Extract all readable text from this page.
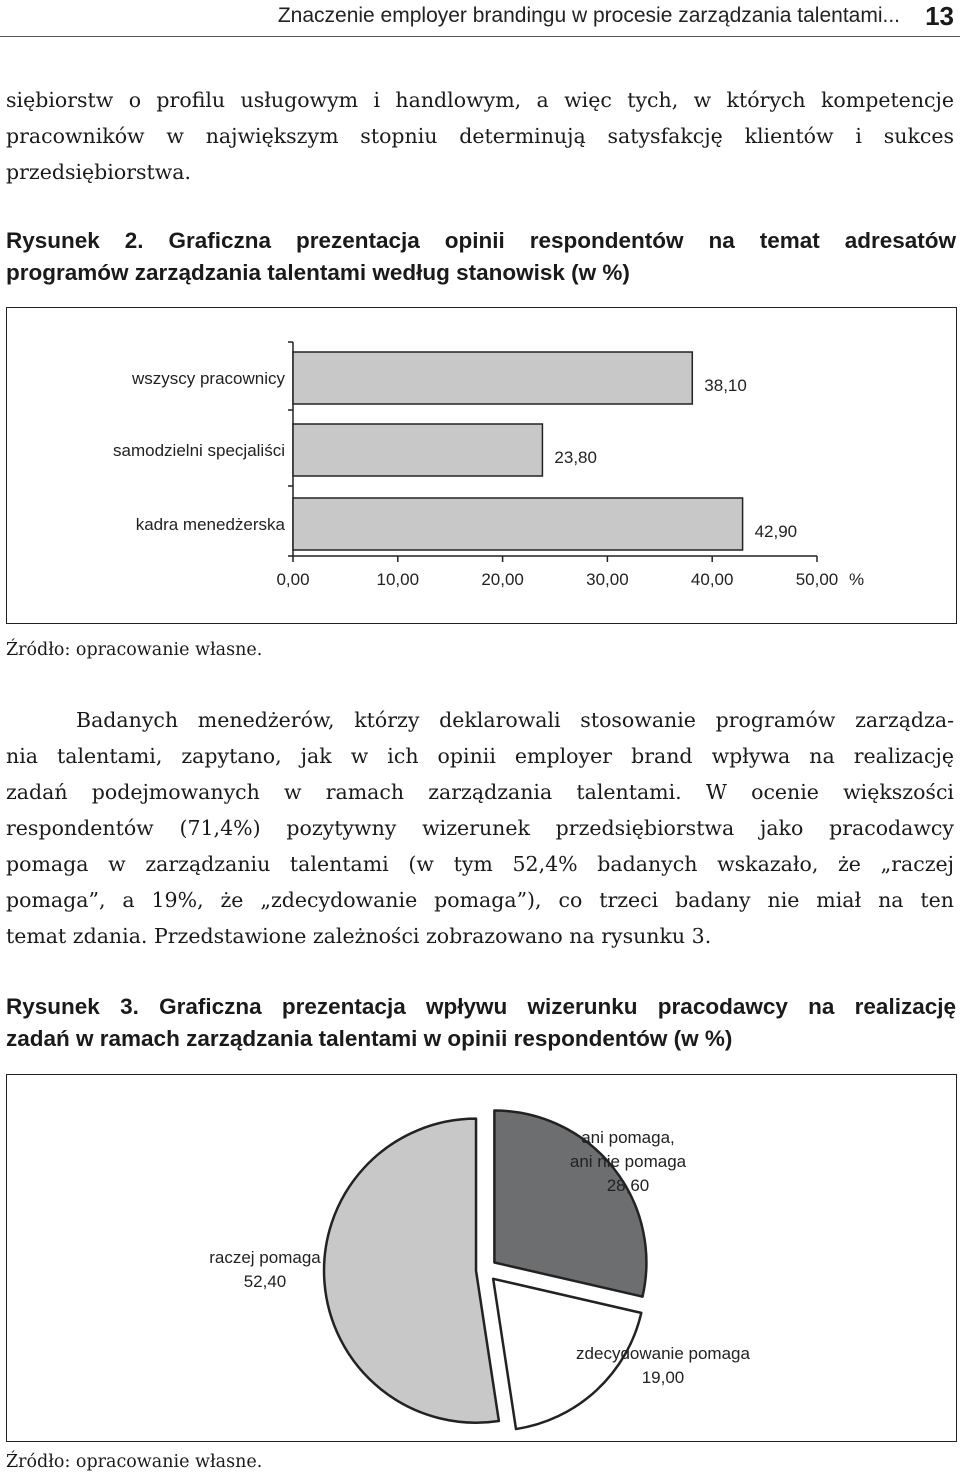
Znaczenie employer brandingu w procesie zarządzania talentami... 13
siębiorstw o profilu usługowym i handlowym, a więc tych, w których kompetencje
pracowników w największym stopniu determinują satysfakcję klientów i sukces
przedsiębiorstwa.
Rysunek 2. Graficzna prezentacja opinii respondentów na temat adresatów
programów zarządzania talentami według stanowisk (w %)
0,00	10,00	20,00	30,00	40,00	50,00 %
wszyscy pracownicy	38,10
samodzielni specjaliści	23,80
kadra menedżerska	42,90
Źródło: opracowanie własne.
Badanych menedżerów, którzy deklarowali stosowanie programów zarządza-
nia talentami, zapytano, jak w ich opinii employer brand wpływa na realizację
zadań podejmowanych w ramach zarządzania talentami. W ocenie większości
respondentów (71,4%) pozytywny wizerunek przedsiębiorstwa jako pracodawcy
pomaga w zarządzaniu talentami (w tym 52,4% badanych wskazało, że „raczej
pomaga”, a 19%, że „zdecydowanie pomaga”), co trzeci badany nie miał na ten
temat zdania. Przedstawione zależności zobrazowano na rysunku 3.
Rysunek 3. Graficzna prezentacja wpływu wizerunku pracodawcy na realizację
zadań w ramach zarządzania talentami w opinii respondentów (w %)
ani pomaga,
ani nie pomaga
28,60
zdecydowanie pomaga
19,00
raczej pomaga
52,40
Źródło: opracowanie własne.
